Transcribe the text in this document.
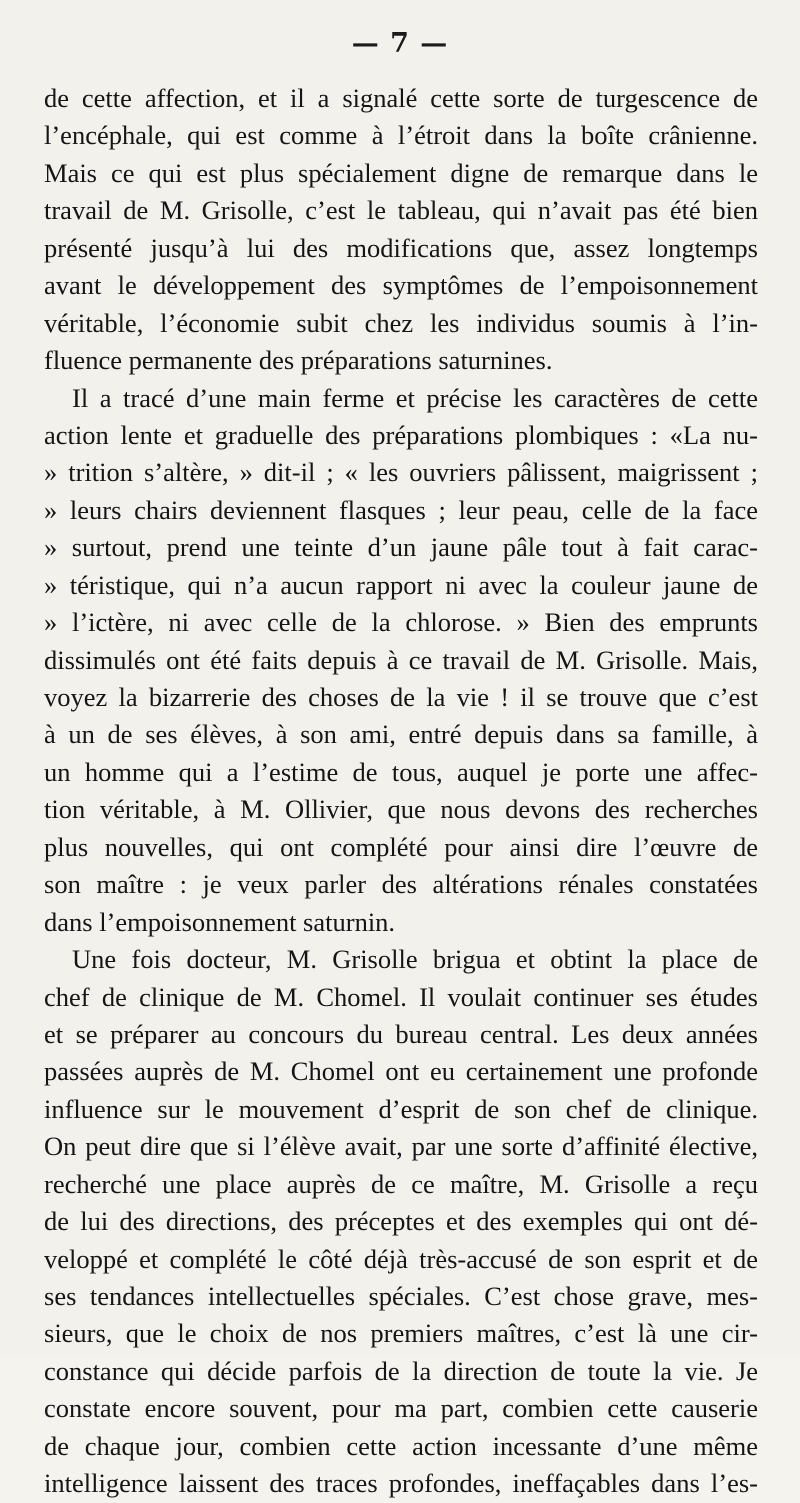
— 7 —
de cette affection, et il a signalé cette sorte de turgescence de
l’encéphale, qui est comme à l’étroit dans la boîte crânienne.
Mais ce qui est plus spécialement digne de remarque dans le
travail de M. Grisolle, c’est le tableau, qui n’avait pas été bien
présenté jusqu’à lui des modifications que, assez longtemps
avant le développement des symptômes de l’empoisonnement
véritable, l’économie subit chez les individus soumis à l’in-
fluence permanente des préparations saturnines.
Il a tracé d’une main ferme et précise les caractères de cette
action lente et graduelle des préparations plombiques : «La nu-
» trition s’altère, » dit-il ; « les ouvriers pâlissent, maigrissent ;
» leurs chairs deviennent flasques ; leur peau, celle de la face
» surtout, prend une teinte d’un jaune pâle tout à fait carac-
» téristique, qui n’a aucun rapport ni avec la couleur jaune de
» l’ictère, ni avec celle de la chlorose. » Bien des emprunts
dissimulés ont été faits depuis à ce travail de M. Grisolle. Mais,
voyez la bizarrerie des choses de la vie ! il se trouve que c’est
à un de ses élèves, à son ami, entré depuis dans sa famille, à
un homme qui a l’estime de tous, auquel je porte une affec-
tion véritable, à M. Ollivier, que nous devons des recherches
plus nouvelles, qui ont complété pour ainsi dire l’œuvre de
son maître : je veux parler des altérations rénales constatées
dans l’empoisonnement saturnin.
Une fois docteur, M. Grisolle brigua et obtint la place de
chef de clinique de M. Chomel. Il voulait continuer ses études
et se préparer au concours du bureau central. Les deux années
passées auprès de M. Chomel ont eu certainement une profonde
influence sur le mouvement d’esprit de son chef de clinique.
On peut dire que si l’élève avait, par une sorte d’affinité élective,
recherché une place auprès de ce maître, M. Grisolle a reçu
de lui des directions, des préceptes et des exemples qui ont dé-
veloppé et complété le côté déjà très-accusé de son esprit et de
ses tendances intellectuelles spéciales. C’est chose grave, mes-
sieurs, que le choix de nos premiers maîtres, c’est là une cir-
constance qui décide parfois de la direction de toute la vie. Je
constate encore souvent, pour ma part, combien cette causerie
de chaque jour, combien cette action incessante d’une même
intelligence laissent des traces profondes, ineffaçables dans l’es-
